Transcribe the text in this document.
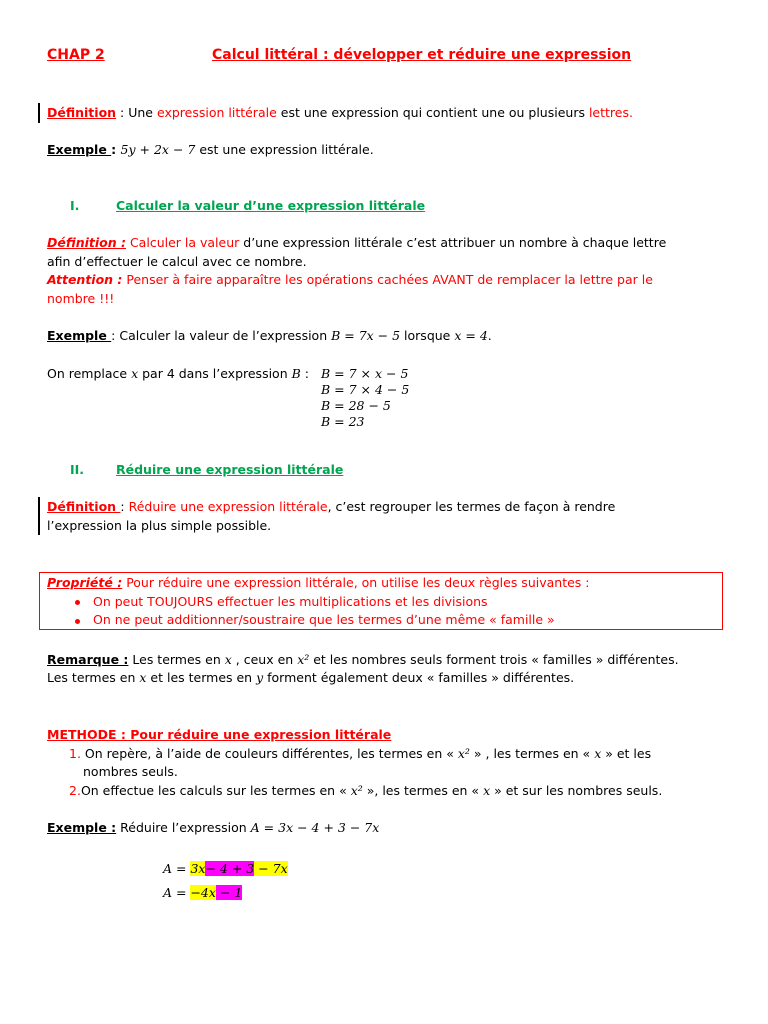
CHAP 2	Calcul littéral : développer et réduire une expression
Définition : Une expression littérale est une expression qui contient une ou plusieurs lettres.
Exemple : 5y + 2x − 7 est une expression littérale.
I.	Calculer la valeur d’une expression littérale
Définition : Calculer la valeur d’une expression littérale c’est attribuer un nombre à chaque lettre
afin d’effectuer le calcul avec ce nombre.
Attention : Penser à faire apparaître les opérations cachées AVANT de remplacer la lettre par le
nombre !!!
Exemple : Calculer la valeur de l’expression B = 7x − 5 lorsque x = 4.
On remplace x par 4 dans l’expression B : B = 7 × x − 5
B = 7 × 4 − 5
B = 28 − 5
B = 23
II.	Réduire une expression littérale
Définition : Réduire une expression littérale, c’est regrouper les termes de façon à rendre
l’expression la plus simple possible.
Propriété : Pour réduire une expression littérale, on utilise les deux règles suivantes :
On peut TOUJOURS effectuer les multiplications et les divisions
On ne peut additionner/soustraire que les termes d’une même « famille »
Remarque : Les termes en x , ceux en x² et les nombres seuls forment trois « familles » différentes.
Les termes en x et les termes en y forment également deux « familles » différentes.
METHODE : Pour réduire une expression littérale
1. On repère, à l’aide de couleurs différentes, les termes en « x² » , les termes en « x » et les
nombres seuls.
2.On effectue les calculs sur les termes en « x² », les termes en « x » et sur les nombres seuls.
Exemple : Réduire l’expression A = 3x − 4 + 3 − 7x
A = 3x− 4 + 3 − 7x
A = −4x − 1
